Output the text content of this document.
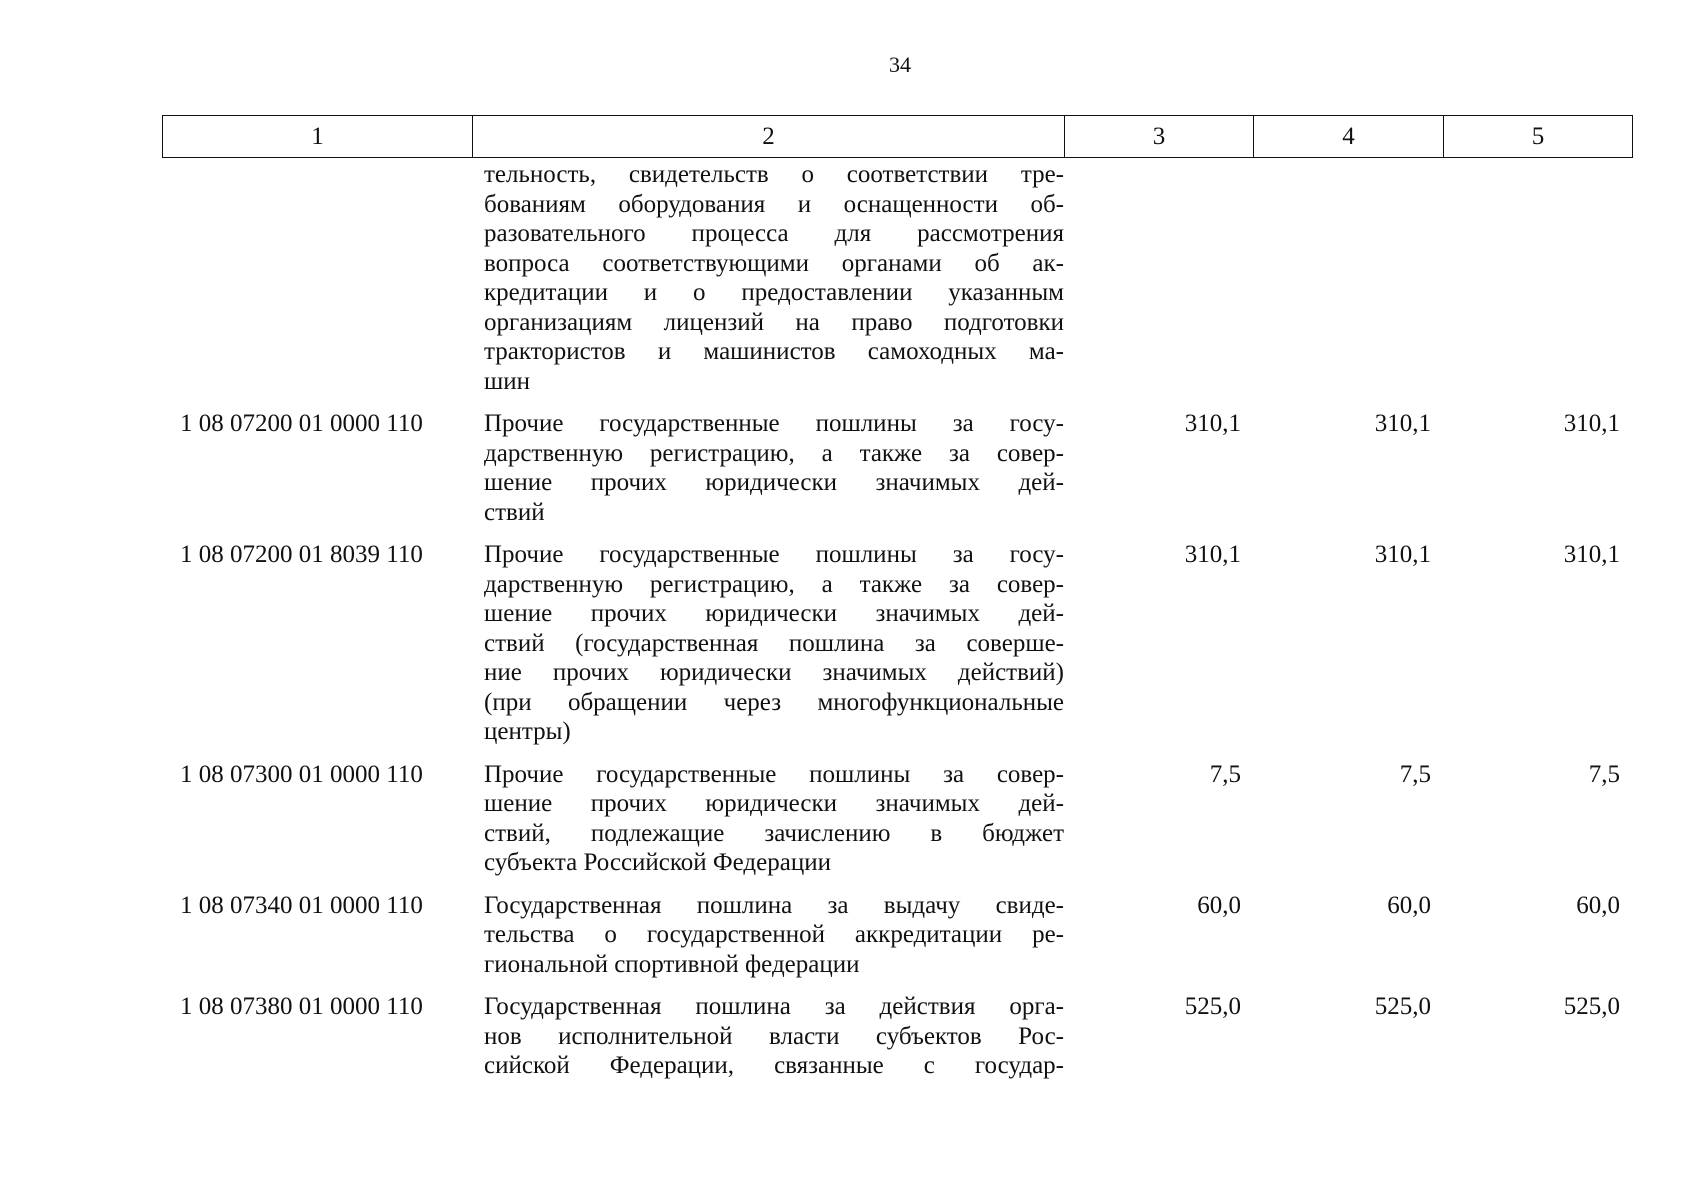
34
1	2	3	4	5
тельность, свидетельств о соответствии тре-
бованиям оборудования и оснащенности об-
разовательного процесса для рассмотрения
вопроса соответствующими органами об ак-
кредитации и о предоставлении указанным
организациям лицензий на право подготовки
трактористов и машинистов самоходных ма-
шин
1 08 07200 01 0000 110	Прочие государственные пошлины за госу-
дарственную регистрацию, а также за совер-
шение прочих юридически значимых дей-
ствий
310,1	310,1	310,1
1 08 07200 01 8039 110	Прочие государственные пошлины за госу-
дарственную регистрацию, а также за совер-
шение прочих юридически значимых дей-
ствий (государственная пошлина за соверше-
ние прочих юридически значимых действий)
(при обращении через многофункциональные
центры)
310,1	310,1	310,1
1 08 07300 01 0000 110	Прочие государственные пошлины за совер-
шение прочих юридически значимых дей-
ствий, подлежащие зачислению в бюджет
субъекта Российской Федерации
7,5	7,5	7,5
1 08 07340 01 0000 110	Государственная пошлина за выдачу свиде-
тельства о государственной аккредитации ре-
гиональной спортивной федерации
60,0	60,0	60,0
1 08 07380 01 0000 110	Государственная пошлина за действия орга-
нов исполнительной власти субъектов Рос-
сийской Федерации, связанные с государ-
525,0	525,0	525,0
